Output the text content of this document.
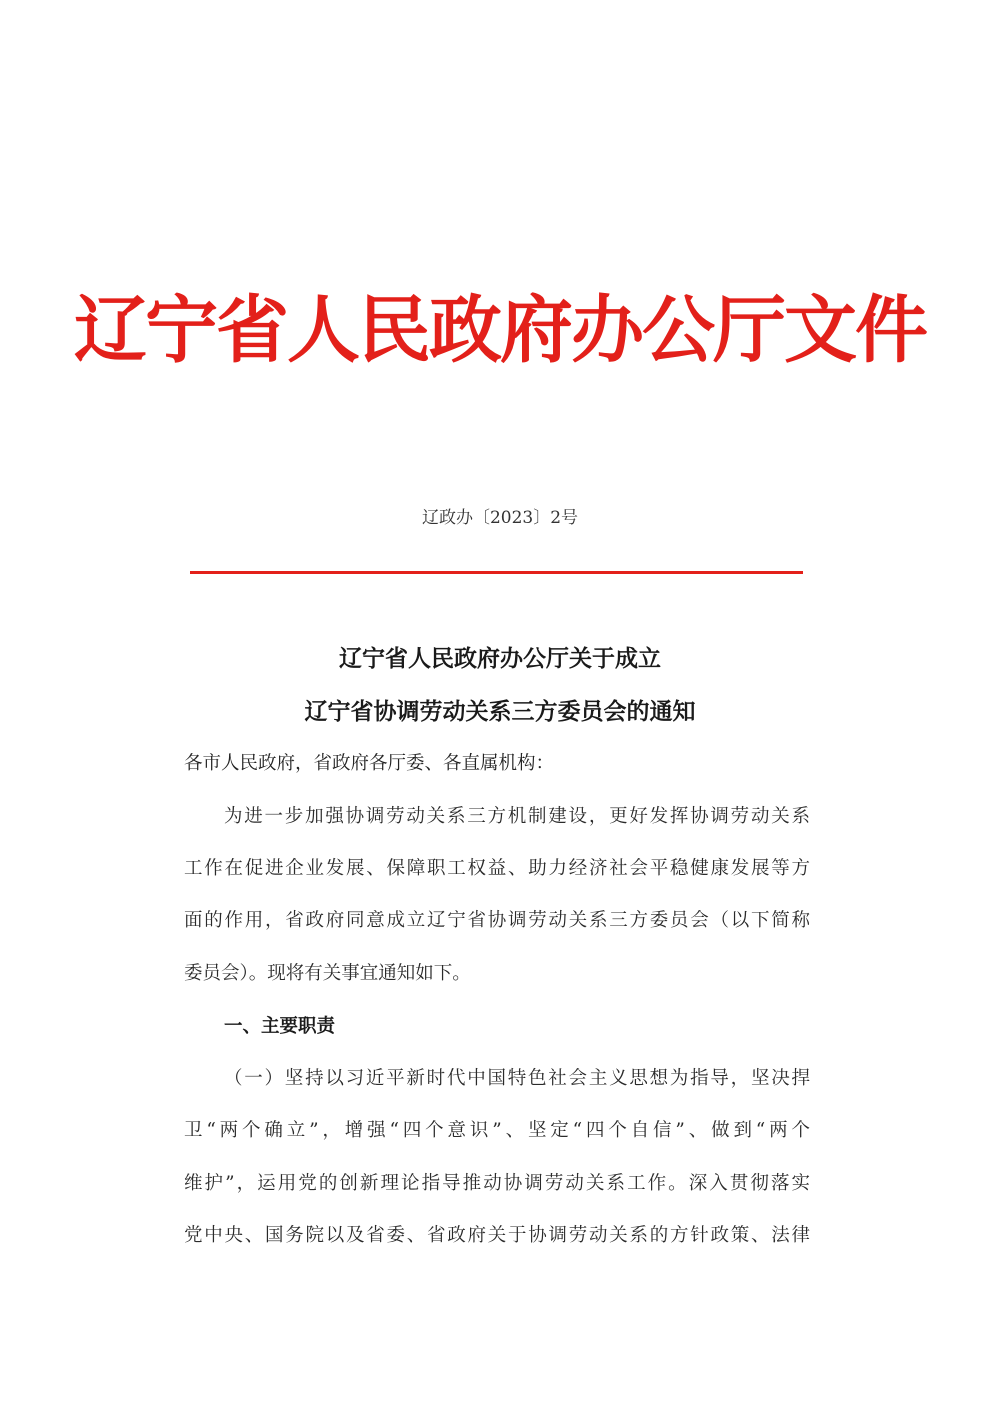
辽宁省人民政府办公厅文件
辽政办〔2023〕2号
辽宁省人民政府办公厅关于成立
辽宁省协调劳动关系三方委员会的通知
各市人民政府，省政府各厅委、各直属机构：
为进一步加强协调劳动关系三方机制建设，更好发挥协调劳动关系
工作在促进企业发展、保障职工权益、助力经济社会平稳健康发展等方
面的作用，省政府同意成立辽宁省协调劳动关系三方委员会（以下简称
委员会）。现将有关事宜通知如下。
一、主要职责
（一）坚持以习近平新时代中国特色社会主义思想为指导，坚决捍
卫“两个确立”，增强“四个意识”、坚定“四个自信”、做到“两个
维护”，运用党的创新理论指导推动协调劳动关系工作。深入贯彻落实
党中央、国务院以及省委、省政府关于协调劳动关系的方针政策、法律
